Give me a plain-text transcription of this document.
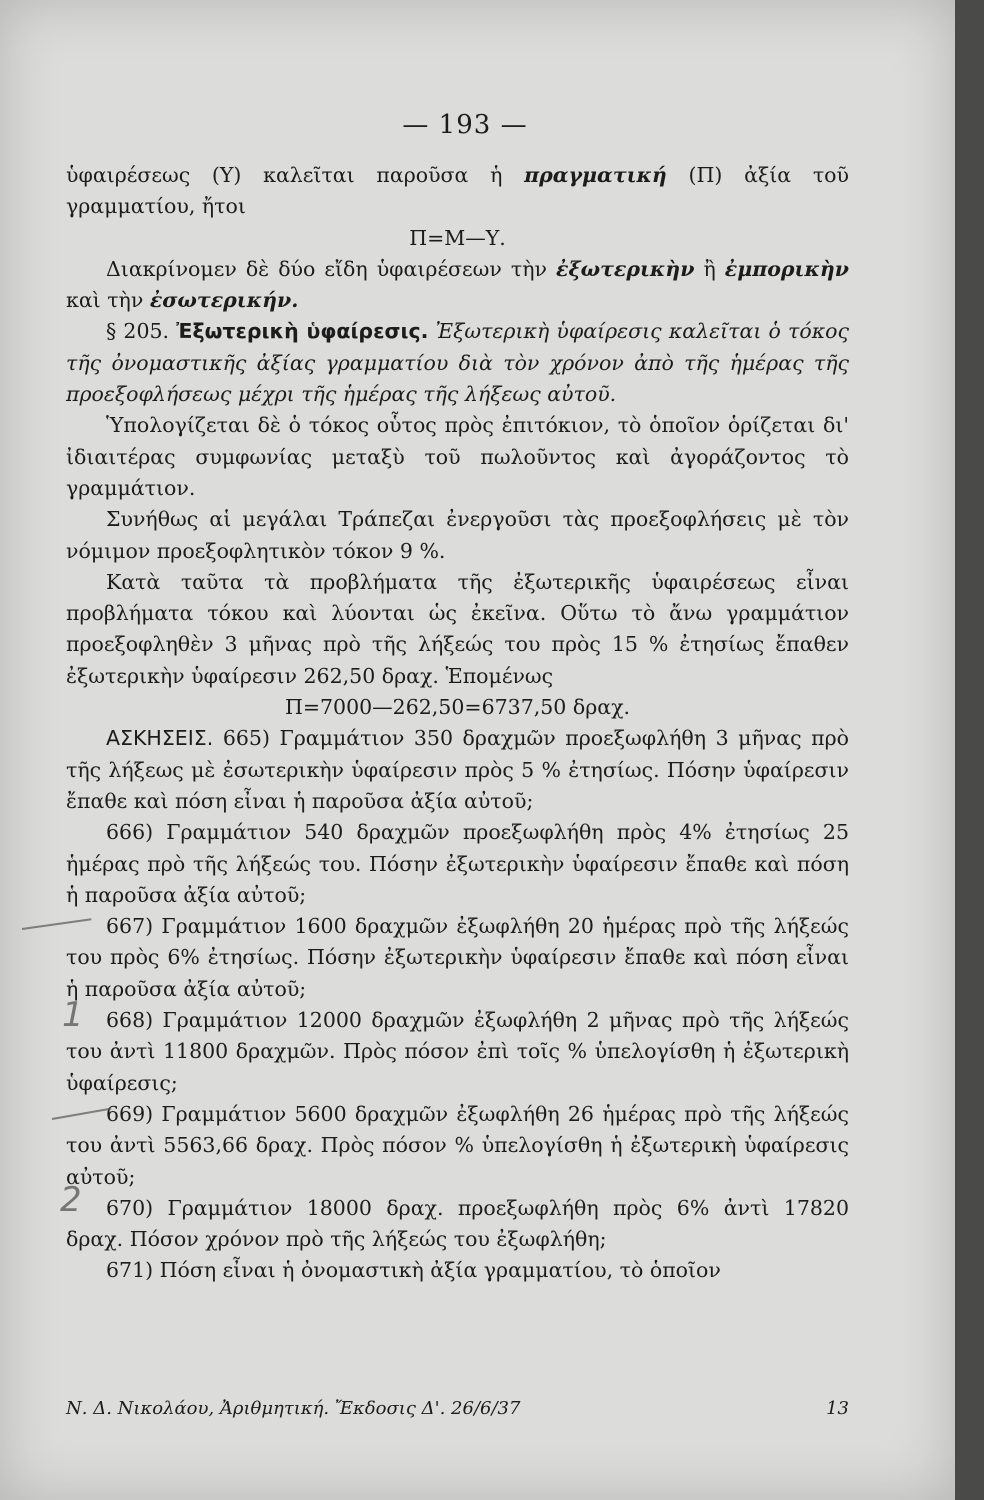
— 193 —

ὑφαιρέσεως (Υ) καλεῖται παροῦσα ἡ πραγματική (Π) ἀξία τοῦ γραμματίου, ἤτοι

Π=Μ—Υ.

Διακρίνομεν δὲ δύο εἴδη ὑφαιρέσεων τὴν ἐξωτερικὴν ἢ ἐμπορικὴν καὶ τὴν ἐσωτερικήν.

§ 205. Ἐξωτερικὴ ὑφαίρεσις. Ἐξωτερικὴ ὑφαίρεσις καλεῖται ὁ τόκος τῆς ὀνομαστικῆς ἀξίας γραμματίου διὰ τὸν χρόνον ἀπὸ τῆς ἡμέρας τῆς προεξοφλήσεως μέχρι τῆς ἡμέρας τῆς λήξεως αὐτοῦ.

Ὑπολογίζεται δὲ ὁ τόκος οὗτος πρὸς ἐπιτόκιον, τὸ ὁποῖον ὁρίζεται δι' ἰδιαιτέρας συμφωνίας μεταξὺ τοῦ πωλοῦντος καὶ ἀγοράζοντος τὸ γραμμάτιον.

Συνήθως αἱ μεγάλαι Τράπεζαι ἐνεργοῦσι τὰς προεξοφλήσεις μὲ τὸν νόμιμον προεξοφλητικὸν τόκον 9 %.

Κατὰ ταῦτα τὰ προβλήματα τῆς ἐξωτερικῆς ὑφαιρέσεως εἶναι προβλήματα τόκου καὶ λύονται ὡς ἐκεῖνα. Οὕτω τὸ ἄνω γραμμάτιον προεξοφληθὲν 3 μῆνας πρὸ τῆς λήξεώς του πρὸς 15 % ἐτησίως ἔπαθεν ἐξωτερικὴν ὑφαίρεσιν 262,50 δραχ. Ἑπομένως

Π=7000—262,50=6737,50 δραχ.

ΑΣΚΗΣΕΙΣ. 665) Γραμμάτιον 350 δραχμῶν προεξωφλήθη 3 μῆνας πρὸ τῆς λήξεως μὲ ἐσωτερικὴν ὑφαίρεσιν πρὸς 5 % ἐτησίως. Πόσην ὑφαίρεσιν ἔπαθε καὶ πόση εἶναι ἡ παροῦσα ἀξία αὐτοῦ;

666) Γραμμάτιον 540 δραχμῶν προεξωφλήθη πρὸς 4% ἐτησίως 25 ἡμέρας πρὸ τῆς λήξεώς του. Πόσην ἐξωτερικὴν ὑφαίρεσιν ἔπαθε καὶ πόση ἡ παροῦσα ἀξία αὐτοῦ;

667) Γραμμάτιον 1600 δραχμῶν ἐξωφλήθη 20 ἡμέρας πρὸ τῆς λήξεώς του πρὸς 6% ἐτησίως. Πόσην ἐξωτερικὴν ὑφαίρεσιν ἔπαθε καὶ πόση εἶναι ἡ παροῦσα ἀξία αὐτοῦ;

668) Γραμμάτιον 12000 δραχμῶν ἐξωφλήθη 2 μῆνας πρὸ τῆς λήξεώς του ἀντὶ 11800 δραχμῶν. Πρὸς πόσον ἐπὶ τοῖς % ὑπελογίσθη ἡ ἐξωτερικὴ ὑφαίρεσις;

669) Γραμμάτιον 5600 δραχμῶν ἐξωφλήθη 26 ἡμέρας πρὸ τῆς λήξεώς του ἀντὶ 5563,66 δραχ. Πρὸς πόσον % ὑπελογίσθη ἡ ἐξωτερικὴ ὑφαίρεσις αὐτοῦ;

670) Γραμμάτιον 18000 δραχ. προεξωφλήθη πρὸς 6% ἀντὶ 17820 δραχ. Πόσον χρόνον πρὸ τῆς λήξεώς του ἐξωφλήθη;

671) Πόση εἶναι ἡ ὀνομαστικὴ ἀξία γραμματίου, τὸ ὁποῖον

1
2
Ν. Δ. Νικολάου, Ἀριθμητική. Ἔκδοσις Δ'. 26/6/37	13
